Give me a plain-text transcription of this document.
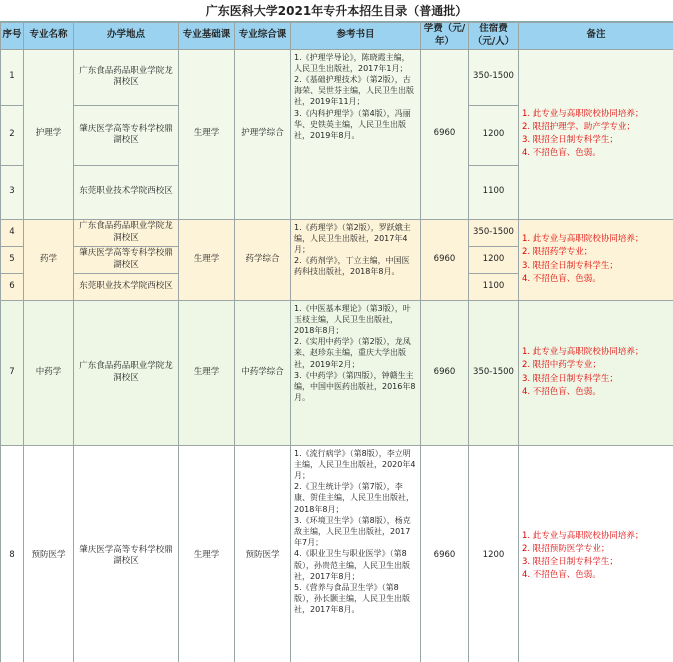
广东医科大学2021年专升本招生目录（普通批）
序号	专业名称	办学地点	专业基础课	专业综合课	参考书目	学费（元/年）	住宿费（元/人）	备注
1	护理学	广东食品药品职业学院龙洞校区	生理学	护理学综合	1.《护理学导论》，陈晓霞主编，人民卫生出版社，2017年1月；
2.《基础护理技术》（第2版），古海荣、吴世芬主编，人民卫生出版社，2019年11月；
3.《内科护理学》（第4版），冯丽华、史铁英主编，人民卫生出版社，2019年8月。	6960	350-1500	1. 此专业与高职院校协同培养；
2. 限招护理学、助产学专业；
3. 限招全日制专科学生；
4. 不招色盲、色弱。

2		肇庆医学高等专科学校鼎湖校区					1200	
3		东莞职业技术学院西校区					1100	
4	药学	广东食品药品职业学院龙洞校区	生理学	药学综合	1.《药理学》（第2版），罗跃娥主编，人民卫生出版社，2017年4月；
2.《药剂学》，丁立主编，中国医药科技出版社，2018年8月。	6960	350-1500	1. 此专业与高职院校协同培养；
2. 限招药学专业；
3. 限招全日制专科学生；
4. 不招色盲、色弱。

5		肇庆医学高等专科学校鼎湖校区					1200	
6		东莞职业技术学院西校区					1100	
7	中药学	广东食品药品职业学院龙洞校区	生理学	中药学综合	1.《中医基本理论》（第3版），叶玉枝主编，人民卫生出版社，2018年8月；
2.《实用中药学》（第2版），龙凤来、赵珍东主编，重庆大学出版社，2019年2月；
3.《中药学》（第四版），钟赣生主编，中国中医药出版社，2016年8月。	6960	350-1500	1. 此专业与高职院校协同培养；
2. 限招中药学专业；
3. 限招全日制专科学生；
4. 不招色盲、色弱。

8	预防医学	肇庆医学高等专科学校鼎湖校区	生理学	预防医学	1.《流行病学》（第8版），李立明主编，人民卫生出版社，2020年4月；
2.《卫生统计学》（第7版），李康、贺佳主编，人民卫生出版社，2018年8月；
3.《环境卫生学》（第8版），杨克敌主编，人民卫生出版社，2017年7月；
4.《职业卫生与职业医学》（第8版），孙贵范主编，人民卫生出版社，2017年8月；
5.《营养与食品卫生学》（第8版），孙长颢主编，人民卫生出版社，2017年8月。	6960	1200	1. 此专业与高职院校协同培养；
2. 限招预防医学专业；
3. 限招全日制专科学生；
4. 不招色盲、色弱。
